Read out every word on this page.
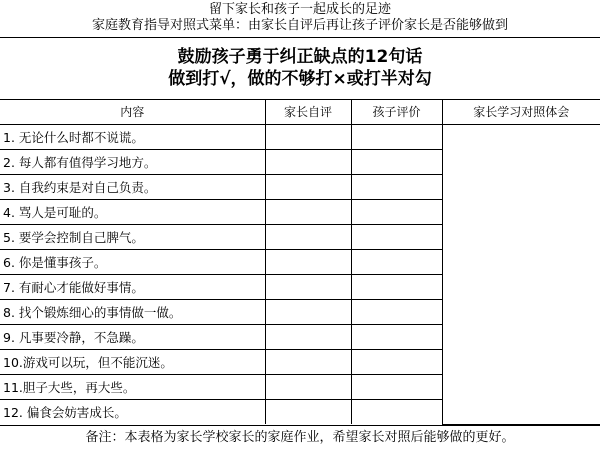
留下家长和孩子一起成长的足迹
家庭教育指导对照式菜单：由家长自评后再让孩子评价家长是否能够做到
鼓励孩子勇于纠正缺点的12句话
做到打√，做的不够打×或打半对勾
内容	家长自评	孩子评价	家长学习对照体会
1. 无论什么时都不说谎。			
2. 每人都有值得学习地方。			
3. 自我约束是对自己负责。			
4. 骂人是可耻的。			
5. 要学会控制自己脾气。			
6. 你是懂事孩子。			
7. 有耐心才能做好事情。			
8. 找个锻炼细心的事情做一做。			
9. 凡事要冷静，不急躁。			
10.游戏可以玩，但不能沉迷。			
11.胆子大些，再大些。			
12. 偏食会妨害成长。			
备注：本表格为家长学校家长的家庭作业，希望家长对照后能够做的更好。
